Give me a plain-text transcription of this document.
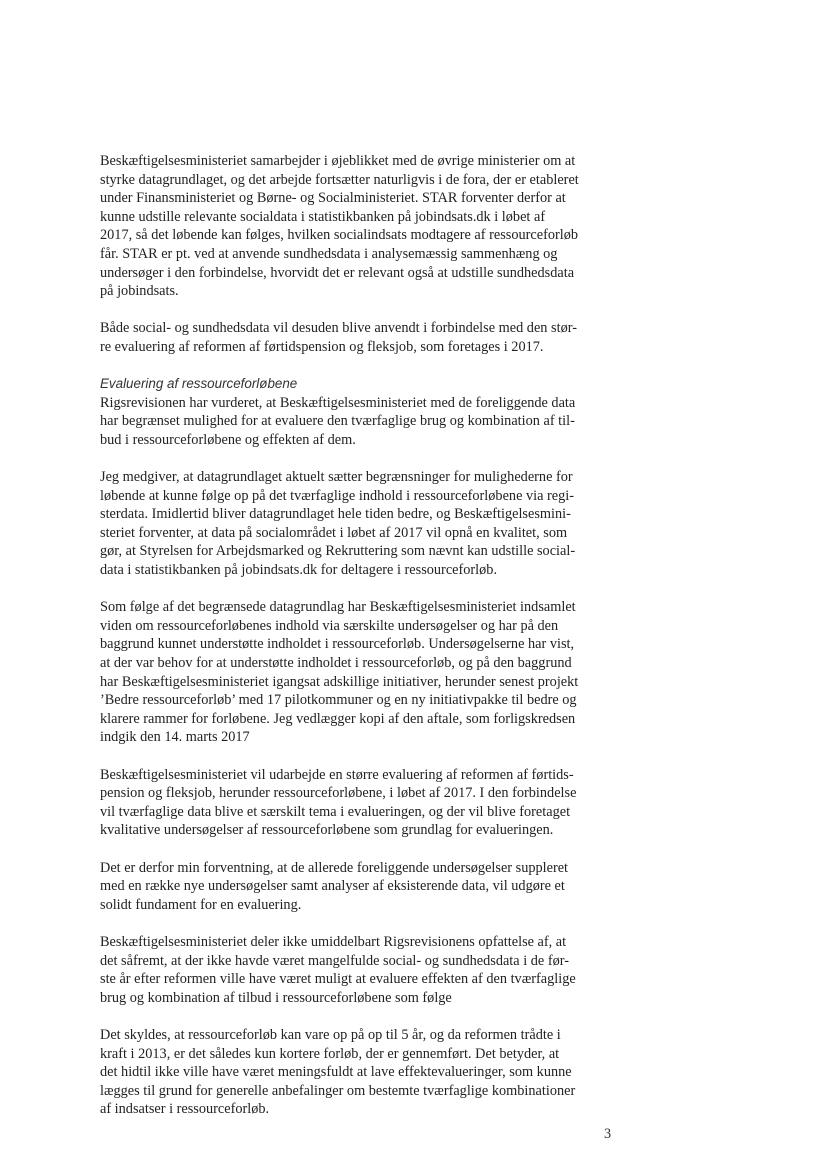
Beskæftigelsesministeriet samarbejder i øjeblikket med de øvrige ministerier om at
styrke datagrundlaget, og det arbejde fortsætter naturligvis i de fora, der er etableret
under Finansministeriet og Børne- og Socialministeriet. STAR forventer derfor at
kunne udstille relevante socialdata i statistikbanken på jobindsats.dk i løbet af
2017, så det løbende kan følges, hvilken socialindsats modtagere af ressourceforløb
får. STAR er pt. ved at anvende sundhedsdata i analysemæssig sammenhæng og
undersøger i den forbindelse, hvorvidt det er relevant også at udstille sundhedsdata
på jobindsats.
Både social- og sundhedsdata vil desuden blive anvendt i forbindelse med den stør-
re evaluering af reformen af førtidspension og fleksjob, som foretages i 2017.
Evaluering af ressourceforløbene
Rigsrevisionen har vurderet, at Beskæftigelsesministeriet med de foreliggende data
har begrænset mulighed for at evaluere den tværfaglige brug og kombination af til-
bud i ressourceforløbene og effekten af dem.
Jeg medgiver, at datagrundlaget aktuelt sætter begrænsninger for mulighederne for
løbende at kunne følge op på det tværfaglige indhold i ressourceforløbene via regi-
sterdata. Imidlertid bliver datagrundlaget hele tiden bedre, og Beskæftigelsesmini-
steriet forventer, at data på socialområdet i løbet af 2017 vil opnå en kvalitet, som
gør, at Styrelsen for Arbejdsmarked og Rekruttering som nævnt kan udstille social-
data i statistikbanken på jobindsats.dk for deltagere i ressourceforløb.
Som følge af det begrænsede datagrundlag har Beskæftigelsesministeriet indsamlet
viden om ressourceforløbenes indhold via særskilte undersøgelser og har på den
baggrund kunnet understøtte indholdet i ressourceforløb. Undersøgelserne har vist,
at der var behov for at understøtte indholdet i ressourceforløb, og på den baggrund
har Beskæftigelsesministeriet igangsat adskillige initiativer, herunder senest projekt
’Bedre ressourceforløb’ med 17 pilotkommuner og en ny initiativpakke til bedre og
klarere rammer for forløbene. Jeg vedlægger kopi af den aftale, som forligskredsen
indgik den 14. marts 2017
Beskæftigelsesministeriet vil udarbejde en større evaluering af reformen af førtids-
pension og fleksjob, herunder ressourceforløbene, i løbet af 2017. I den forbindelse
vil tværfaglige data blive et særskilt tema i evalueringen, og der vil blive foretaget
kvalitative undersøgelser af ressourceforløbene som grundlag for evalueringen.
Det er derfor min forventning, at de allerede foreliggende undersøgelser suppleret
med en række nye undersøgelser samt analyser af eksisterende data, vil udgøre et
solidt fundament for en evaluering.
Beskæftigelsesministeriet deler ikke umiddelbart Rigsrevisionens opfattelse af, at
det såfremt, at der ikke havde været mangelfulde social- og sundhedsdata i de før-
ste år efter reformen ville have været muligt at evaluere effekten af den tværfaglige
brug og kombination af tilbud i ressourceforløbene som følge
Det skyldes, at ressourceforløb kan vare op på op til 5 år, og da reformen trådte i
kraft i 2013, er det således kun kortere forløb, der er gennemført. Det betyder, at
det hidtil ikke ville have været meningsfuldt at lave effektevalueringer, som kunne
lægges til grund for generelle anbefalinger om bestemte tværfaglige kombinationer
af indsatser i ressourceforløb.
3
